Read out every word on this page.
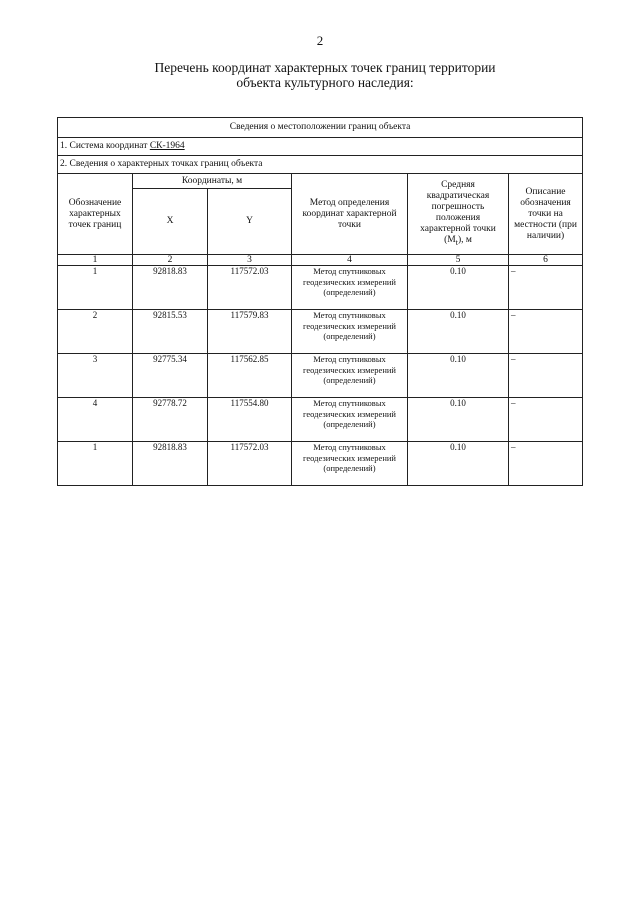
2
Перечень координат характерных точек границ территории
объекта культурного наследия:
Сведения о местоположении границ объекта					
1. Система координат СК-1964					
2. Сведения о характерных точках границ объекта					
Обозначение характерных точек границ	Координаты, м		Метод определения координат характерной точки	Средняя квадратическая погрешность положения характерной точки $(M_t)$, м	Описание обозначения точки на местности (при наличии)
	X	Y			
1	2	3	4	5	6
1	92818.83	117572.03	Метод спутниковых геодезических измерений (определений)	0.10	–
2	92815.53	117579.83	Метод спутниковых геодезических измерений (определений)	0.10	–
3	92775.34	117562.85	Метод спутниковых геодезических измерений (определений)	0.10	–
4	92778.72	117554.80	Метод спутниковых геодезических измерений (определений)	0.10	–
1	92818.83	117572.03	Метод спутниковых геодезических измерений (определений)	0.10	–
